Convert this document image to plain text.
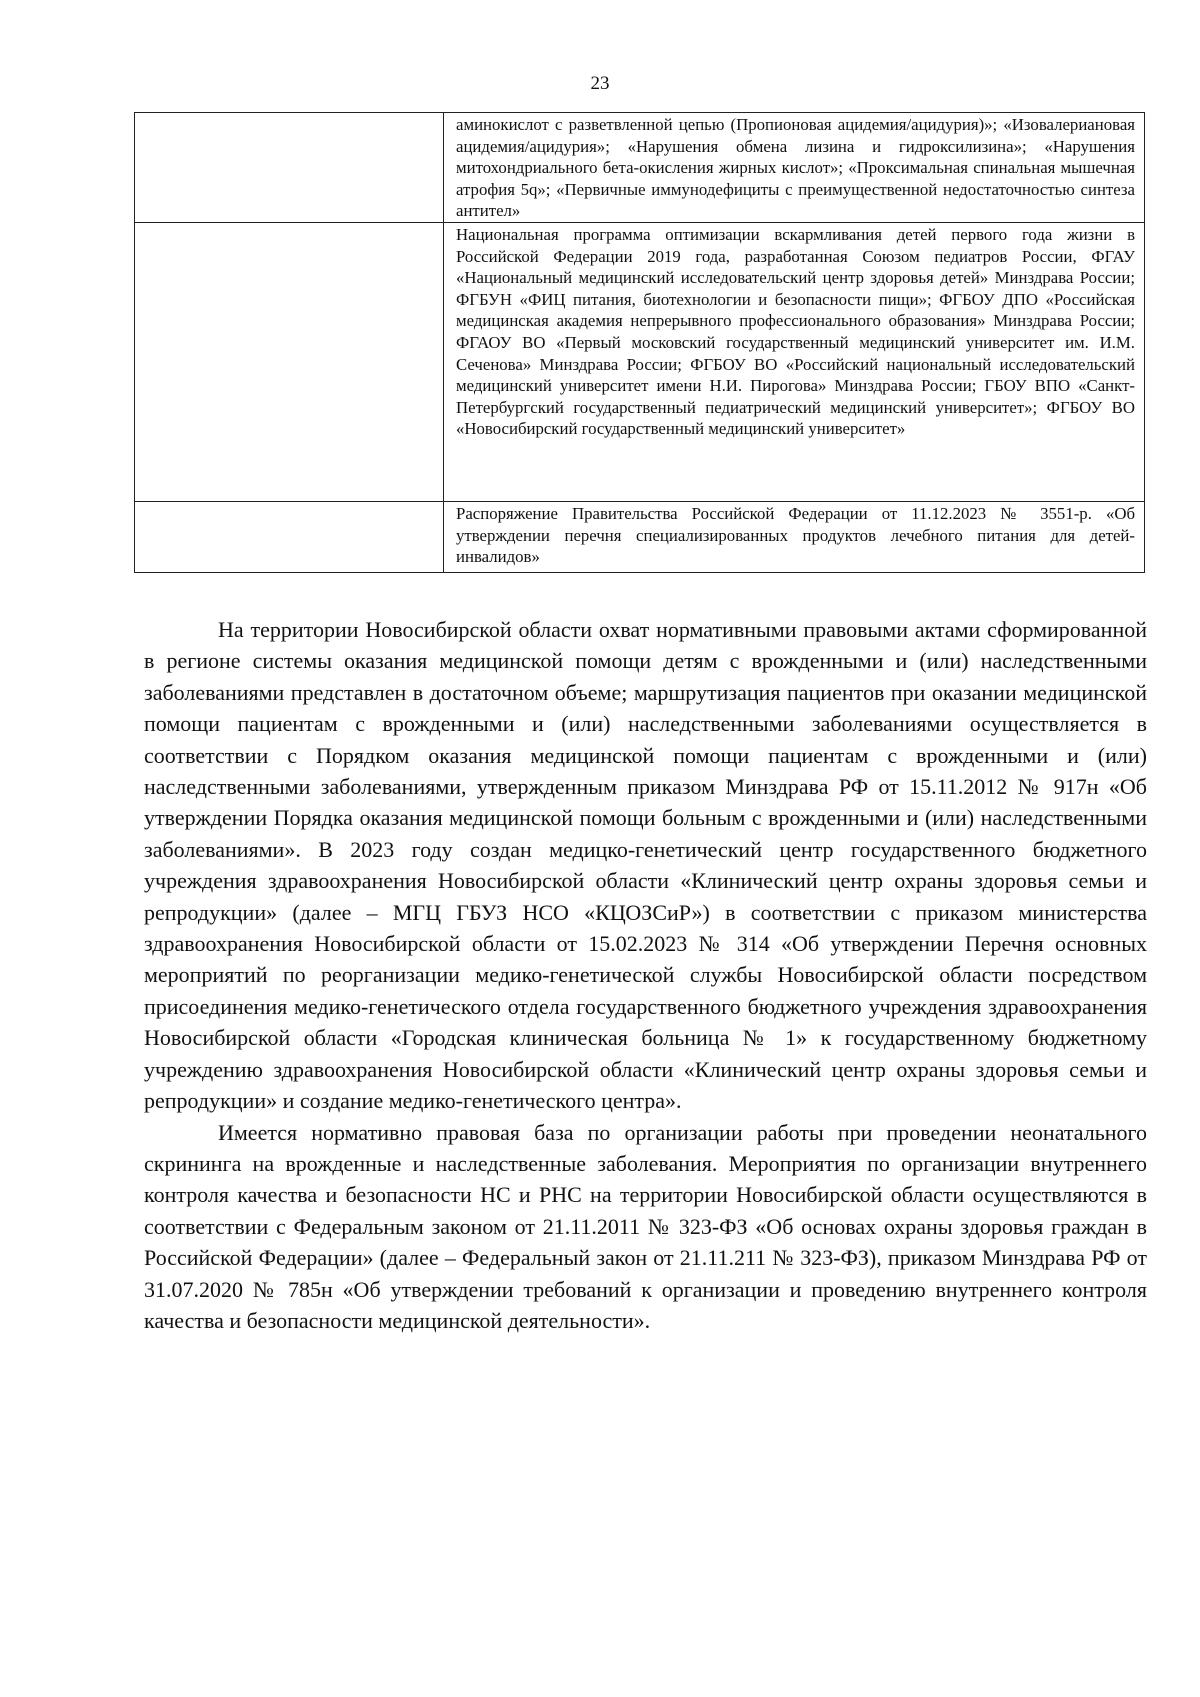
23

	аминокислот с разветвленной цепью (Пропионовая ацидемия/ацидурия)»; «Изовалериановая ацидемия/ацидурия»; «Нарушения обмена лизина и гидроксилизина»; «Нарушения митохондриального бета-окисления жирных кислот»; «Проксимальная спинальная мышечная атрофия 5q»; «Первичные иммунодефициты с преимущественной недостаточностью синтеза антител»

	Национальная программа оптимизации вскармливания детей первого года жизни в Российской Федерации 2019 года, разработанная Союзом педиатров России, ФГАУ «Национальный медицинский исследовательский центр здоровья детей» Минздрава России; ФГБУН «ФИЦ питания, биотехнологии и безопасности пищи»; ФГБОУ ДПО «Российская медицинская академия непрерывного профессионального образования» Минздрава России; ФГАОУ ВО «Первый московский государственный медицинский университет им. И.М. Сеченова» Минздрава России; ФГБОУ ВО «Российский национальный исследовательский медицинский университет имени Н.И. Пирогова» Минздрава России; ГБОУ ВПО «Санкт-Петербургский государственный педиатрический медицинский университет»; ФГБОУ ВО «Новосибирский государственный медицинский университет»

	Распоряжение Правительства Российской Федерации от 11.12.2023 № 3551-р. «Об утверждении перечня специализированных продуктов лечебного питания для детей-инвалидов»

На территории Новосибирской области охват нормативными правовыми актами сформированной в регионе системы оказания медицинской помощи детям с врожденными и (или) наследственными заболеваниями представлен в достаточном объеме; маршрутизация пациентов при оказании медицинской помощи пациентам с врожденными и (или) наследственными заболеваниями осуществляется в соответствии с Порядком оказания медицинской помощи пациентам с врожденными и (или) наследственными заболеваниями, утвержденным приказом Минздрава РФ от 15.11.2012 № 917н «Об утверждении Порядка оказания медицинской помощи больным с врожденными и (или) наследственными заболеваниями». В 2023 году создан медицко-генетический центр государственного бюджетного учреждения здравоохранения Новосибирской области «Клинический центр охраны здоровья семьи и репродукции» (далее – МГЦ ГБУЗ НСО «КЦОЗСиР») в соответствии с приказом министерства здравоохранения Новосибирской области от 15.02.2023 № 314 «Об утверждении Перечня основных мероприятий по реорганизации медико-генетической службы Новосибирской области посредством присоединения медико-генетического отдела государственного бюджетного учреждения здравоохранения Новосибирской области «Городская клиническая больница № 1» к государственному бюджетному учреждению здравоохранения Новосибирской области «Клинический центр охраны здоровья семьи и репродукции» и создание медико-генетического центра».

Имеется нормативно правовая база по организации работы при проведении неонатального скрининга на врожденные и наследственные заболевания. Мероприятия по организации внутреннего контроля качества и безопасности НС и РНС на территории Новосибирской области осуществляются в соответствии с Федеральным законом от 21.11.2011 № 323-ФЗ «Об основах охраны здоровья граждан в Российской Федерации» (далее – Федеральный закон от 21.11.211 № 323-ФЗ), приказом Минздрава РФ от 31.07.2020 № 785н «Об утверждении требований к организации и проведению внутреннего контроля качества и безопасности медицинской деятельности».
